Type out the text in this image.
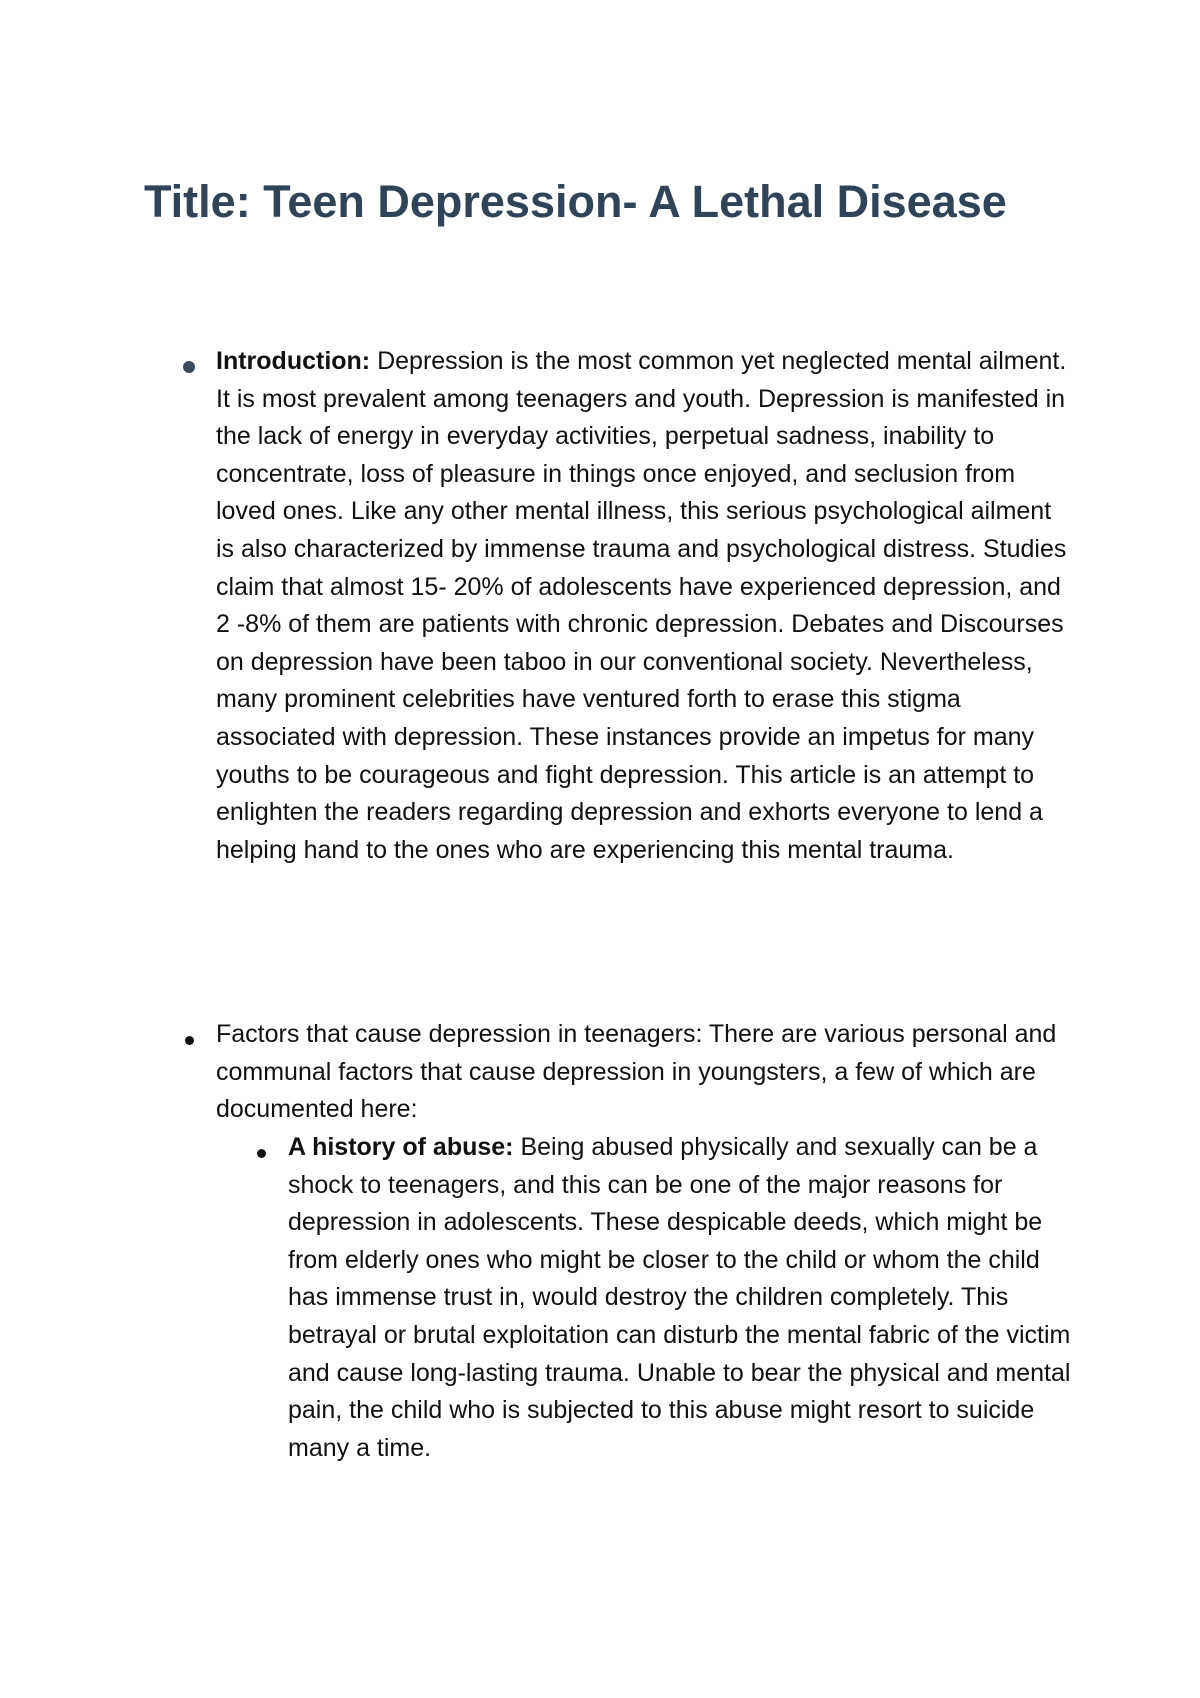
Title: Teen Depression- A Lethal Disease
Introduction: Depression is the most common yet neglected mental ailment. It is most prevalent among teenagers and youth. Depression is manifested in the lack of energy in everyday activities, perpetual sadness, inability to concentrate, loss of pleasure in things once enjoyed, and seclusion from loved ones. Like any other mental illness, this serious psychological ailment is also characterized by immense trauma and psychological distress. Studies claim that almost 15- 20% of adolescents have experienced depression, and 2 -8% of them are patients with chronic depression. Debates and Discourses on depression have been taboo in our conventional society. Nevertheless, many prominent celebrities have ventured forth to erase this stigma associated with depression. These instances provide an impetus for many youths to be courageous and fight depression. This article is an attempt to enlighten the readers regarding depression and exhorts everyone to lend a helping hand to the ones who are experiencing this mental trauma.
Factors that cause depression in teenagers: There are various personal and communal factors that cause depression in youngsters, a few of which are documented here:
A history of abuse: Being abused physically and sexually can be a shock to teenagers, and this can be one of the major reasons for depression in adolescents. These despicable deeds, which might be from elderly ones who might be closer to the child or whom the child has immense trust in, would destroy the children completely. This betrayal or brutal exploitation can disturb the mental fabric of the victim and cause long-lasting trauma. Unable to bear the physical and mental pain, the child who is subjected to this abuse might resort to suicide many a time.
